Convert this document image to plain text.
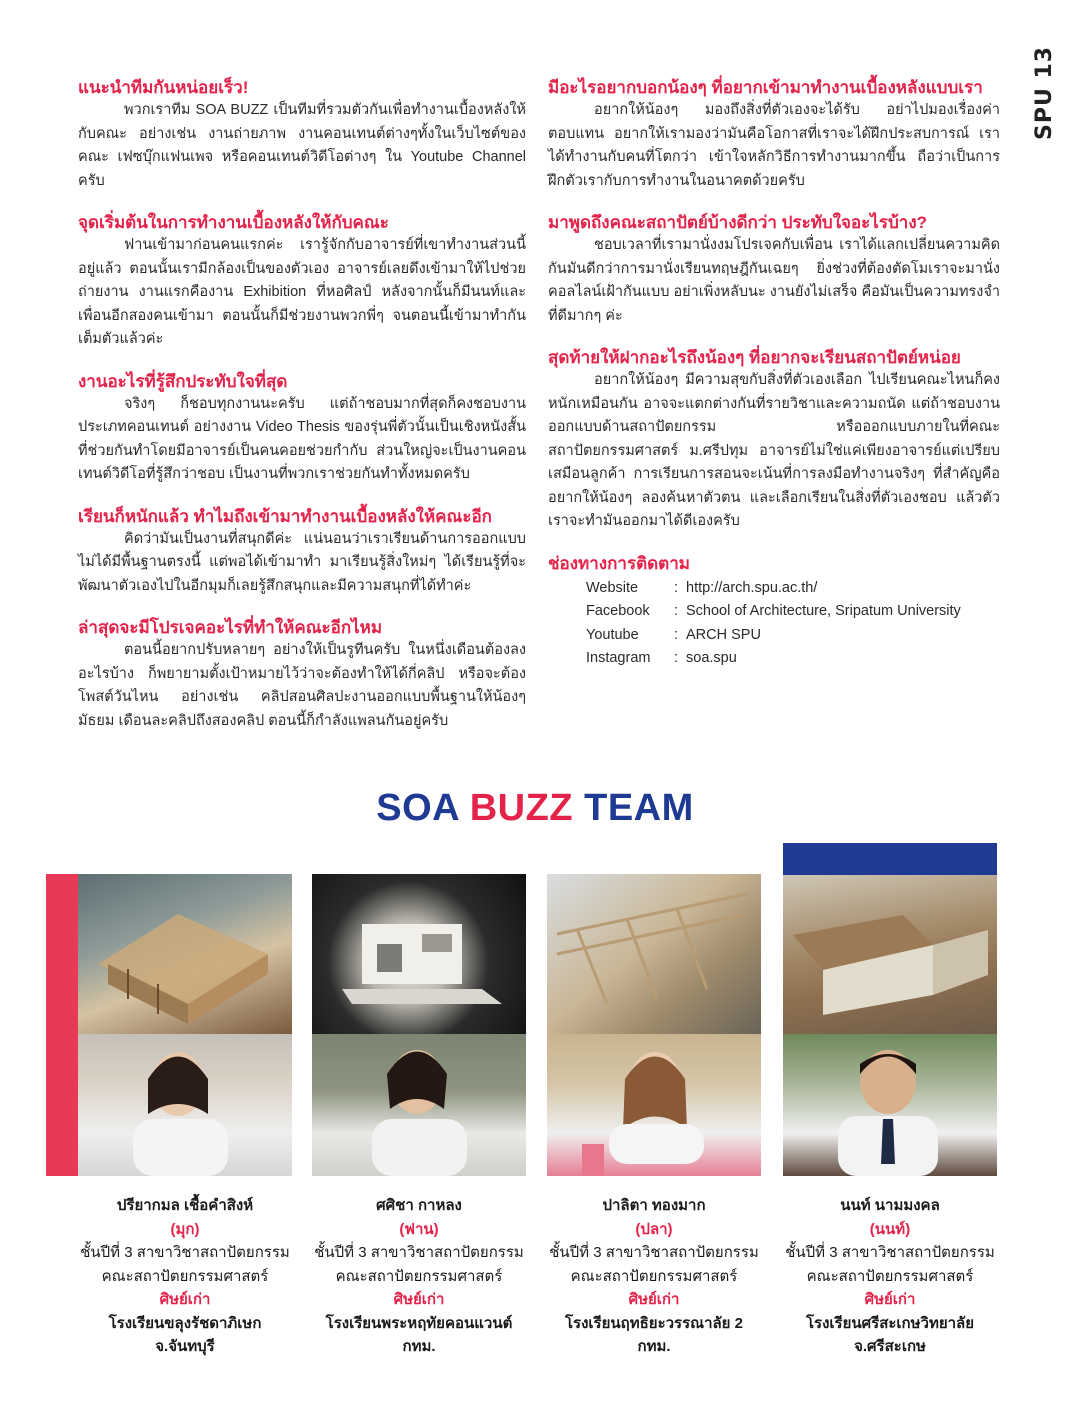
SPU 13
แนะนำทีมกันหน่อยเร็ว!
พวกเราทีม SOA BUZZ เป็นทีมที่รวมตัวกันเพื่อทำงานเบื้องหลังให้กับคณะ อย่างเช่น งานถ่ายภาพ งานคอนเทนต์ต่างๆทั้งในเว็บไซต์ของคณะ เฟซบุ๊กแฟนเพจ หรือคอนเทนต์วิดีโอต่างๆ ใน Youtube Channel ครับ
จุดเริ่มต้นในการทำงานเบื้องหลังให้กับคณะ
ฟานเข้ามาก่อนคนแรกค่ะ เรารู้จักกับอาจารย์ที่เขาทำงานส่วนนี้อยู่แล้ว ตอนนั้นเรามีกล้องเป็นของตัวเอง อาจารย์เลยดึงเข้ามาให้ไปช่วยถ่ายงาน งานแรกคืองาน Exhibition ที่หอศิลป์ หลังจากนั้นก็มีนนท์และเพื่อนอีกสองคนเข้ามา ตอนนั้นก็มีช่วยงานพวกพี่ๆ จนตอนนี้เข้ามาทำกันเต็มตัวแล้วค่ะ
งานอะไรที่รู้สึกประทับใจที่สุด
จริงๆ ก็ชอบทุกงานนะครับ แต่ถ้าชอบมากที่สุดก็คงชอบงานประเภทคอนเทนต์ อย่างงาน Video Thesis ของรุ่นพี่ตัวนั้นเป็นเชิงหนังสั้นที่ช่วยกันทำโดยมีอาจารย์เป็นคนคอยช่วยกำกับ ส่วนใหญ่จะเป็นงานคอนเทนต์วิดีโอที่รู้สึกว่าชอบ เป็นงานที่พวกเราช่วยกันทำทั้งหมดครับ
เรียนก็หนักแล้ว ทำไมถึงเข้ามาทำงานเบื้องหลังให้คณะอีก
คิดว่ามันเป็นงานที่สนุกดีค่ะ แน่นอนว่าเราเรียนด้านการออกแบบไม่ได้มีพื้นฐานตรงนี้ แต่พอได้เข้ามาทำ มาเรียนรู้สิ่งใหม่ๆ ได้เรียนรู้ที่จะพัฒนาตัวเองไปในอีกมุมก็เลยรู้สึกสนุกและมีความสนุกที่ได้ทำค่ะ
ล่าสุดจะมีโปรเจคอะไรที่ทำให้คณะอีกไหม
ตอนนี้อยากปรับหลายๆ อย่างให้เป็นรูทีนครับ ในหนึ่งเดือนต้องลงอะไรบ้าง ก็พยายามตั้งเป้าหมายไว้ว่าจะต้องทำให้ได้กี่คลิป หรือจะต้องโพสต์วันไหน อย่างเช่น คลิปสอนศิลปะงานออกแบบพื้นฐานให้น้องๆ มัธยม เดือนละคลิปถึงสองคลิป ตอนนี้ก็กำลังแพลนกันอยู่ครับ
มีอะไรอยากบอกน้องๆ ที่อยากเข้ามาทำงานเบื้องหลังแบบเรา
อยากให้น้องๆ มองถึงสิ่งที่ตัวเองจะได้รับ อย่าไปมองเรื่องค่าตอบแทน อยากให้เรามองว่ามันคือโอกาสที่เราจะได้ฝึกประสบการณ์ เราได้ทำงานกับคนที่โตกว่า เข้าใจหลักวิธีการทำงานมากขึ้น ถือว่าเป็นการฝึกตัวเรากับการทำงานในอนาคตด้วยครับ
มาพูดถึงคณะสถาปัตย์บ้างดีกว่า ประทับใจอะไรบ้าง?
ชอบเวลาที่เรามานั่งงมโปรเจคกับเพื่อน เราได้แลกเปลี่ยนความคิดกันมันดีกว่าการมานั่งเรียนทฤษฎีกันเฉยๆ ยิ่งช่วงที่ต้องตัดโมเราจะมานั่งคอลไลน์เฝ้ากันแบบ อย่าเพิ่งหลับนะ งานยังไม่เสร็จ คือมันเป็นความทรงจำที่ดีมากๆ ค่ะ
สุดท้ายให้ฝากอะไรถึงน้องๆ ที่อยากจะเรียนสถาปัตย์หน่อย
อยากให้น้องๆ มีความสุขกับสิ่งที่ตัวเองเลือก ไปเรียนคณะไหนก็คงหนักเหมือนกัน อาจจะแตกต่างกันที่รายวิชาและความถนัด แต่ถ้าชอบงานออกแบบด้านสถาปัตยกรรม หรือออกแบบภายในที่คณะสถาปัตยกรรมศาสตร์ ม.ศรีปทุม อาจารย์ไม่ใช่แค่เพียงอาจารย์แต่เปรียบเสมือนลูกค้า การเรียนการสอนจะเน้นที่การลงมือทำงานจริงๆ ที่สำคัญคืออยากให้น้องๆ ลองค้นหาตัวตน และเลือกเรียนในสิ่งที่ตัวเองชอบ แล้วตัวเราจะทำมันออกมาได้ดีเองครับ
ช่องทางการติดตาม
Website	: http://arch.spu.ac.th/
Facebook	: School of Architecture, Sripatum University
Youtube	: ARCH SPU
Instagram	: soa.spu
SOA BUZZ TEAM
ปรียากมล เชื้อคำสิงห์
(มุก)
ชั้นปีที่ 3 สาขาวิชาสถาปัตยกรรม
คณะสถาปัตยกรรมศาสตร์
ศิษย์เก่า
โรงเรียนขลุงรัชดาภิเษก
จ.จันทบุรี
ศศิชา กาหลง
(ฟาน)
ชั้นปีที่ 3 สาขาวิชาสถาปัตยกรรม
คณะสถาปัตยกรรมศาสตร์
ศิษย์เก่า
โรงเรียนพระหฤทัยคอนแวนต์
กทม.
ปาลิตา ทองมาก
(ปลา)
ชั้นปีที่ 3 สาขาวิชาสถาปัตยกรรม
คณะสถาปัตยกรรมศาสตร์
ศิษย์เก่า
โรงเรียนฤทธิยะวรรณาลัย 2
กทม.
นนท์ นามมงคล
(นนท์)
ชั้นปีที่ 3 สาขาวิชาสถาปัตยกรรม
คณะสถาปัตยกรรมศาสตร์
ศิษย์เก่า
โรงเรียนศรีสะเกษวิทยาลัย
จ.ศรีสะเกษ
